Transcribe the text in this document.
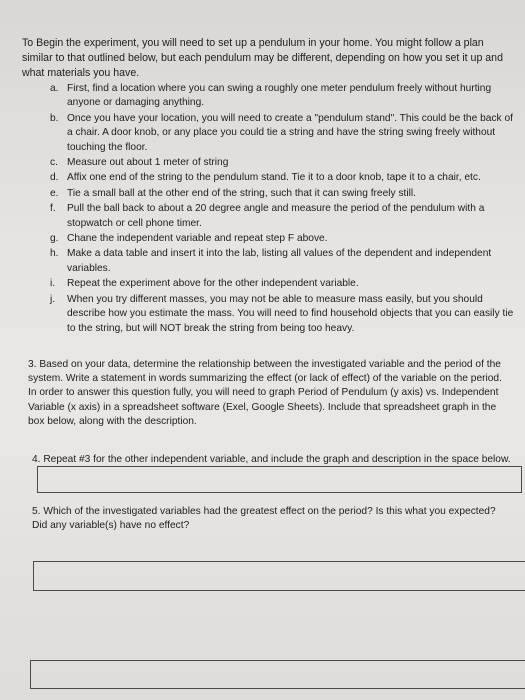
To Begin the experiment, you will need to set up a pendulum in your home. You might follow a plan similar to that outlined below, but each pendulum may be different, depending on how you set it up and what materials you have.

a. First, find a location where you can swing a roughly one meter pendulum freely without hurting anyone or damaging anything.
b. Once you have your location, you will need to create a "pendulum stand". This could be the back of a chair. A door knob, or any place you could tie a string and have the string swing freely without touching the floor.
c. Measure out about 1 meter of string
d. Affix one end of the string to the pendulum stand. Tie it to a door knob, tape it to a chair, etc.
e. Tie a small ball at the other end of the string, such that it can swing freely still.
f.	Pull the ball back to about a 20 degree angle and measure the period of the pendulum with a stopwatch or cell phone timer.
g. Chane the independent variable and repeat step F above.
h. Make a data table and insert it into the lab, listing all values of the dependent and independent variables.
i.	Repeat the experiment above for the other independent variable.
j.	When you try different masses, you may not be able to measure mass easily, but you should describe how you estimate the mass. You will need to find household objects that you can easily tie to the string, but will NOT break the string from being too heavy.

3. Based on your data, determine the relationship between the investigated variable and the period of the system. Write a statement in words summarizing the effect (or lack of effect) of the variable on the period. In order to answer this question fully, you will need to graph Period of Pendulum (y axis) vs. Independent Variable (x axis) in a spreadsheet software (Exel, Google Sheets). Include that spreadsheet graph in the box below, along with the description.

4. Repeat #3 for the other independent variable, and include the graph and description in the space below.

5. Which of the investigated variables had the greatest effect on the period? Is this what you expected? Did any variable(s) have no effect?
